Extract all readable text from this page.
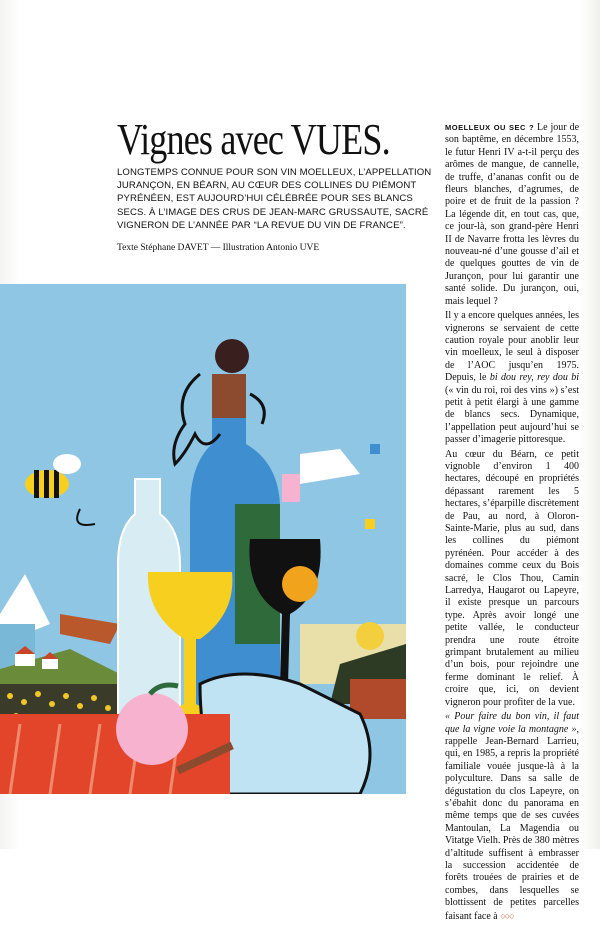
Vignes avec VUES.

LONGTEMPS CONNUE POUR SON VIN MOELLEUX, L’APPELLATION JURANÇON, EN BÉARN, AU CŒUR DES COLLINES DU PIÉMONT PYRÉNÉEN, EST AUJOURD’HUI CÉLÉBRÉE POUR SES BLANCS SECS. À L’IMAGE DES CRUS DE JEAN-MARC GRUSSAUTE, SACRÉ VIGNERON DE L’ANNÉE PAR “LA REVUE DU VIN DE FRANCE”.

Texte Stéphane DAVET — Illustration Antonio UVE

MOELLEUX OU SEC ? Le jour de son baptême, en décembre 1553, le futur Henri IV a-t-il perçu des arômes de mangue, de cannelle, de truffe, d’ananas confit ou de fleurs blanches, d’agrumes, de poire et de fruit de la passion ? La légende dit, en tout cas, que, ce jour-là, son grand-père Henri II de Navarre frotta les lèvres du nouveau-né d’une gousse d’ail et de quelques gouttes de vin de Jurançon, pour lui garantir une santé solide. Du jurançon, oui, mais lequel ?

Il y a encore quelques années, les vignerons se servaient de cette caution royale pour anoblir leur vin moelleux, le seul à disposer de l’AOC jusqu’en 1975. Depuis, le bi dou rey, rey dou bi (« vin du roi, roi des vins ») s’est petit à petit élargi à une gamme de blancs secs. Dynamique, l’appellation peut aujourd’hui se passer d’imagerie pittoresque.

Au cœur du Béarn, ce petit vignoble d’environ 1 400 hectares, découpé en propriétés dépassant rarement les 5 hectares, s’éparpille discrètement de Pau, au nord, à Oloron-Sainte-Marie, plus au sud, dans les collines du piémont pyrénéen. Pour accéder à des domaines comme ceux du Bois sacré, le Clos Thou, Camin Larredya, Haugarot ou Lapeyre, il existe presque un parcours type. Après avoir longé une petite vallée, le conducteur prendra une route étroite grimpant brutalement au milieu d’un bois, pour rejoindre une ferme dominant le relief. À croire que, ici, on devient vigneron pour profiter de la vue.

« Pour faire du bon vin, il faut que la vigne voie la montagne », rappelle Jean-Bernard Larrieu, qui, en 1985, a repris la propriété familiale vouée jusque-là à la polyculture. Dans sa salle de dégustation du clos Lapeyre, on s’ébahit donc du panorama en même temps que de ses cuvées Mantoulan, La Magendia ou Vitatge Vielh. Près de 380 mètres d’altitude suffisent à embrasser la succession accidentée de forêts trouées de prairies et de combes, dans lesquelles se blottissent de petites parcelles faisant face à ○○○
